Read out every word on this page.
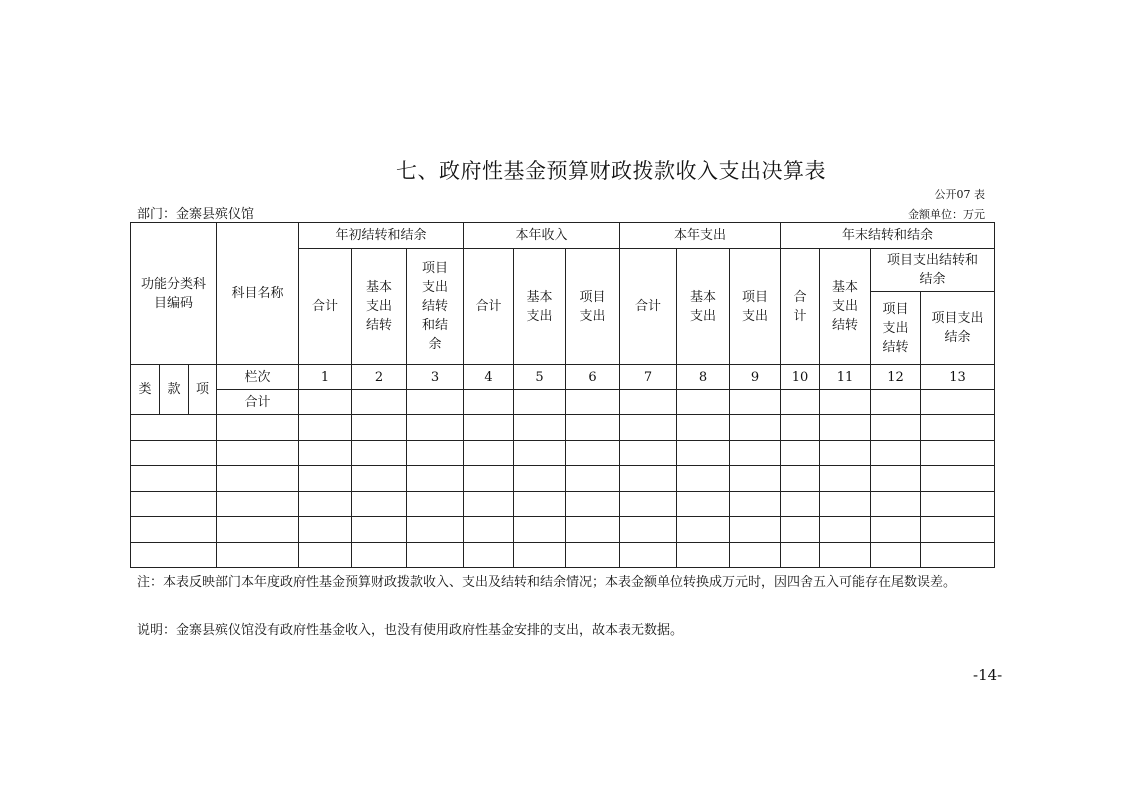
七、政府性基金预算财政拨款收入支出决算表
公开07 表
部门：金寨县殡仪馆	金额单位：万元
功能分类科目编码			科目名称	年初结转和结余			本年收入			本年支出			年末结转和结余			
				合计	基本支出结转	项目支出结转和结余	合计	基本支出	项目支出	合计	基本支出	项目支出	合计	基本支出结转	项目支出结转和结余	
															项目支出结转	项目支出结余
类	款	项	栏次	1	2	3	4	5	6	7	8	9	10	11	12	13
			合计													

注：本表反映部门本年度政府性基金预算财政拨款收入、支出及结转和结余情况；本表金额单位转换成万元时，因四舍五入可能存在尾数误差。
说明：金寨县殡仪馆没有政府性基金收入，也没有使用政府性基金安排的支出，故本表无数据。
-14-
